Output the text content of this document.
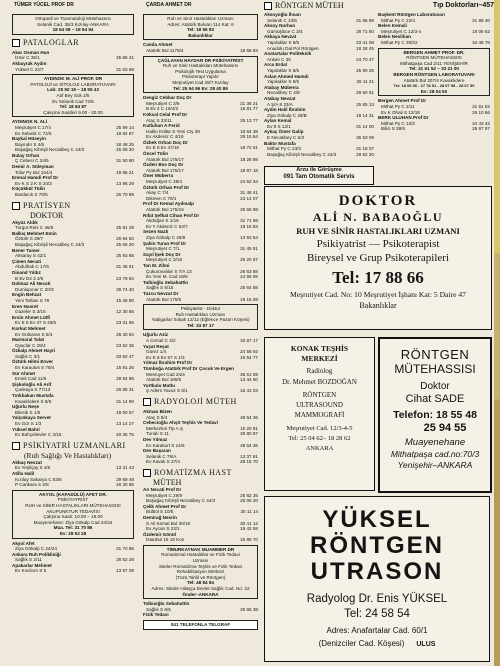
TÜMER YÜCEL PROF DR	ÇARDA AHMET DR	RÖNTGEN MÜTEH	Tıp Doktorları–457
Ortopedi ve Travmatoloji Mütehassısı
Selanik Cad. 35/3 Kızılay-ANKARA
18 54 08 – 18 94 94
PATALOGLAR
Akar Osman Hun
İzmir C 36/1	25 86 41
Akbayrak Aydın
Yüksel C 22/7	31 53 69
AYDINOK M. ALİ PROF. DR
PATOLOJİ ve SİTOLOJİ LABORATUVARI
Lab: 25 50 19 – 18 59 43
Atıf Bey Sok 2/5
Ev Selanik Cad 72/5
Tel: 18 84 87
Çalışma Saatleri 9.00 - 20.00
AYDINOK N. ALİ
Meşrutiyet C 17/4	25 99 14
Ev Selanik C 72/5	18 84 87
Baykal Hüseyin
Bayındır S 4/6	18 48 25
Başağaç Kibrişli Necatibey C 44/3	25 06 20
Bulay Orhan
Ç Cebeci C 34/5	31 50 80
Demir A. Süleyman
Tolar Py Bul 154/4	19 85 21
Erenal Hamdi Prof Dr
Ev K S 2 K S 24/3	13 96 29
Küçükkül Tülin
Bardacık S 70/6	26 70 89
PRATİSYEN
DOKTOR
Akyüz Aldık
Turgut Reis C 46/6	25 81 28
Balkış Mehmet Emin
Öztürk S 39/7	26 94 50
Başağaç Kibrişli Necatibey C 44/3	25 06 20
Bener Tamer
Aksaray S 42/1	25 93 85
Çimen Necati
Abdulhak C 17/6	31 45 91
Dinand Yıldız
B Ev D4 3 2/6	23 79 84
Dolmaz Ali Necati
Dumlupınar C 20/3	39 74 40
Engin Behzat
Yeni Tarlası S 78	15 45 80
Eren Nusret
Gazeler S 3/16	12 30 56
Ersin Ahmet Lütfi
Ev E 8 Ev 37 S 48/6	23 31 66
Korkut Mehmet
Ev Gülsaran S 8/4	28 40 84
Marmaral Talat
Oyaclar C 28/4	23 62 36
Özkalp Ahmet Hayri
Sağlık C 3/1	33 92 47
Öztürk Hilmi Enver
Ev Karaulus S 78/4	15 81 26
Sür Ahmet
Emek Cad 11/6	28 94 86
Şişkoloğlu Ali Arif
Çankaya S 77/13	26 85 31
Tırıkbakan Mustafa
Kavaklıdere S 8/6	31 14 90
Uğurlu Neşe
Bilecik S 1/6	19 00 67
Yalçınkaya Servet
Ev Gür S 1/3	13 14 27
Yüksel Bahri
Ev Bahçelievler C 3/15	40 35 75
PSİKİYATRİ UZMANLARI
(Ruh Sağlığı Ve Hastalıkları)
Akbaş Nevzat
Ev Yeşilçay S 4/6	13 31 43
Atilla Halil
Kızılay Sakarya C 53/6	29 69 48
P Cankara S 4/8	46 30 86
AKYOL (KAFADÜLÜ) AFET DR.
PSİKİYATRİST
RUH ve SİNİR HASTALIKLARI MÜTEHASSISI
AKUPUNKTUR TEDAVİSİ
Çalışma Saati: 10.00 – 18.00
Muayenehane: Ziya Gökalp Cad 24/24
Mua. Tel: 31 70 86
Ev: 28 52 28
Akyol Afet
Ziya Gökalp C 24/24	31 70 86
Ankara Ruh Polikliniği
Sağlık S 2/11	28 52 28
Apakarlar Mehmet
Ev Kıvılcım S 5	13 97 09
Ruh ve Sinir Hastalıkları Uzmanı
Adres: Atatürk Bulvarı 114 Kat: 6
Tel: 18 56 83
Bakanlıklar
Canda Ahmet
Atatürk Bul 1175/4	18 56 83
ÇAĞLAYAN HAYDAR DR PSİKİYATRİST
Ruh ve Sinir Hastalıkları Mütehassısı
Psikolojik Test Uygulama
Psikoterapi Yapılır
Meşrutiyet Cad 29/7 Kızılay
Tel: 25 94 96 Ev: 28 40 89
Dengiz Cebbar Doç Dr
Meşrutiyet C 3/6	31 36 21
B Ev 4 C 16/4/2	15 81 77
Köksal Celal Prof Dr
Ataç S 33/11	25 13 77
Kutluhan A Ferid
Hakkı Kültür S Yeni Cty 38	18 64 38
Ev Akdeniz C 4/15	28 15 84
Özbek Orhan Doç Dr
Ev E 8 Ev 47/16	18 72 51
Öncel Tülin
Atatürk Bul 175/17	18 28 88
Özden Bos Doç Dr
Atatürk Bul 175/17	18 87 18
Öner Müberra
Meşrutiyet C 39/4	24 52 34
Öztürk Orhan Prof Dr
Akay C 7/4	31 48 41
Dikmen C 70/1	23 14 07
Prof Dr Kemal Aydınalp
Atatürk Bul 175/16	25 66 98
Rıfat Şefkat Cihan Prof Dr
Akdoğan S 1/16	31 71 98
Ev Y Akdeniz C 62/7	18 18 83
Sezen Nazlı
Ziya Gökalp C 26/8	13 93 54
Şahin Turan Prof Dr
Meşrutiyet C 7/1	31 45 91
Sayıl İpek Doç Dr
Meşrutiyet C 3/16	25 20 67
Tan M. Zihni
Çukurovalılar S 7/A 13	26 63 88
Ev Yeni M. Cad 18/6	24 65 06
Tulbioğlu Sebahattin
Sağlık S 6/15	25 64 88
Tuzcu Nevzat Dr
Atatürk Bul 175/5	18 15 08
Psikiyatrist - Doktor
Ruh Hastalıkları Uzmanı
Yadigarlar Sokak 12/12 (Eğlence Pazarı Köşesi)
Tel: 33 87 17
Uğurlu Aziz
A Cemal C 4/2	33 87 17
Yaşat Reşat
Gürez 1/4	24 58 92
Ev E 8 Ev 57 S 1/3	15 54 77
Yılmaz İbrahim Prof Dr
Tümboğa Atatürk Prof Dr Çocuk Ve Ergen
Mesruyet Cad 24/4	36 61 69
Atatürk Bul 185/5	13 44 60
Yurtkulu Mutlu
Ş Adem Yavuz S 6/1	15 41 03
RADYOLOJİ MÜTEH
Akman Bizen
Ataç S 8/4	48 64 36
Cebecioğlu Ahşit Teşhis Ve Tedavi
Merkezleri Tip A.Ş	15 20 91
Tunalı S 11	29 80 87
Dev Yılmaz
Ev Karakurt S 14/6	48 64 36
Dev Başaran
Selanik C 78/A	13 37 81
Ev Kavalı S 37/4	28 15 70
ROMATİZMA HAST
MÜTEH
Arı Necati Prof Dr
Meşrutiyet C 29/9	25 82 36
Başağaç Kibrişli Necatibey C 44/3	25 06 20
Çelik Ahmet Prof Dr
Bülbül S 10/5	30 11 14
Demirağ Nesrin
S Ali Kemal Bul 30/10	30 41 12
Ev Aycan S 23/1	19 42 58
Özdemir Gönül
İstanbul 19 19 Kon	15 88 70
TİMURKAYNAK MUAMMER DR
Romatizmal Hastalıklar ve Fizik Tedavi
Uzmanı
Siteler Romatizma Teşhis ve Fizik Tedavi
Rehabilitasyon Merkezi
(Tüzü Tahlil ve Röntgen)
Tel: 48 84 84
Adres: Siteler Hilaşça Devlet Sağlık Cad. No: 22
Önder–ANKARA
Tolkuoğlu Sebahattin
Sağlık S 6/5	25 66 38
Fizik Tedavi
041 TELEFONLA TELGRAF
Aksoyoğlu İhsan
Selanik C 13/5	31 66 99
Aksoy Nurhan
Gümüşlüce C 3/4	28 71 50
Akkaya Nevzat
Yapılaklar S 6/5	33 41 08
Anadolu Dal Pol Röntgen	18 28 45
Anatartalar Politeknik
Ankalı C 36	24 70 47
Arca Erdal
Yapılaklar S 6/5	25 90 25
Aslan Ahmed Hamdi
Yapılaklar S 6/5	26 11 21
Atabay Müberra
Necatibey C 4/8	29 60 61
Atabay Nevzat
A Ş/A 8 23/A	25 85 13
Aydın Halil İbrahim
Ziya Gökalp C 28/B	18 14 31
Aylan Kemal
Ev 9 S 12/1	31 14 00
Aykaç Ömer Galip
E Necatibey C 6/3	36 63 09
Baktır Mustafa
Mithat Py C 23/3	31 18 07
Başağaç Kibrişli Necatibey C 44/3	29 62 20
Arzu ile Görüşme
091 Tam Otomatik Servis
Başkent Röntgen Laboratuvarı
Mithat Py C 22/4	31 88 40
Belen Kemali
Meşrutiyet C 12/3-4	18 06 62
Belen Neslihan
Mithat Py C 30/22	34 48 76
BERGEN AHMET PROF. DR.
RÖNTGEN MÜTEHASSISI
Mithatpaşa Cad 2/11 YENİŞEHİR
Tel: 31 61 52 – 33 21 00
BERGEN RÖNTGEN LABORATUVARI
Atatürk Bul 207/4 Kavaklıdere
Tel: 18 06 06 - 27 78 51 - 28 67 98 - 28 67 30
Ev: 28 04 50
Bergen Ahmet Prof Dr
Mithat Py C 2/11	31 61 52
Ev K Ohali S 12/18	26 10 56
BERK ULUHAN Prof Dr
Mithat Py C 10/2	34 43 42
Bilici S 38/6	26 87 97
DOKTOR
ALİ N. BABAOĞLU
RUH VE SİNİR HASTALIKLARI UZMANI
Psikiyatrist — Psikoterapist
Bireysel ve Grup Psikoterapileri
Tel: 17 88 66
Meşrutiyet Cad. No: 10 Meşrutiyet İşhanı Kat: 5 Daire 47
Bakanlıklar
KONAK TEŞHİS
MERKEZİ
Radiolog
Dr. Mehmet BOZDOĞAN
RÖNTGEN
ULTRASOUND
MAMMOGRAFİ
Meşrutiyet Cad. 12/3-4-5
Tel: 25 04 62– 18 28 62
ANKARA
RÖNTGEN
MÜTEHASSISI
Doktor
Cihat SADE
Telefon: 18 55 48
25 94 55
Muayenehane
Mithatpaşa cad.no:70/3
Yenişehir–ANKARA
YÜKSEL
RÖNTGEN
UTRASON
Radyolog Dr. Enis YÜKSEL
Tel: 24 58 54
Adres: Anafartalar Cad. 60/1
(Denizciler Cad. Köşesi) ULUS
